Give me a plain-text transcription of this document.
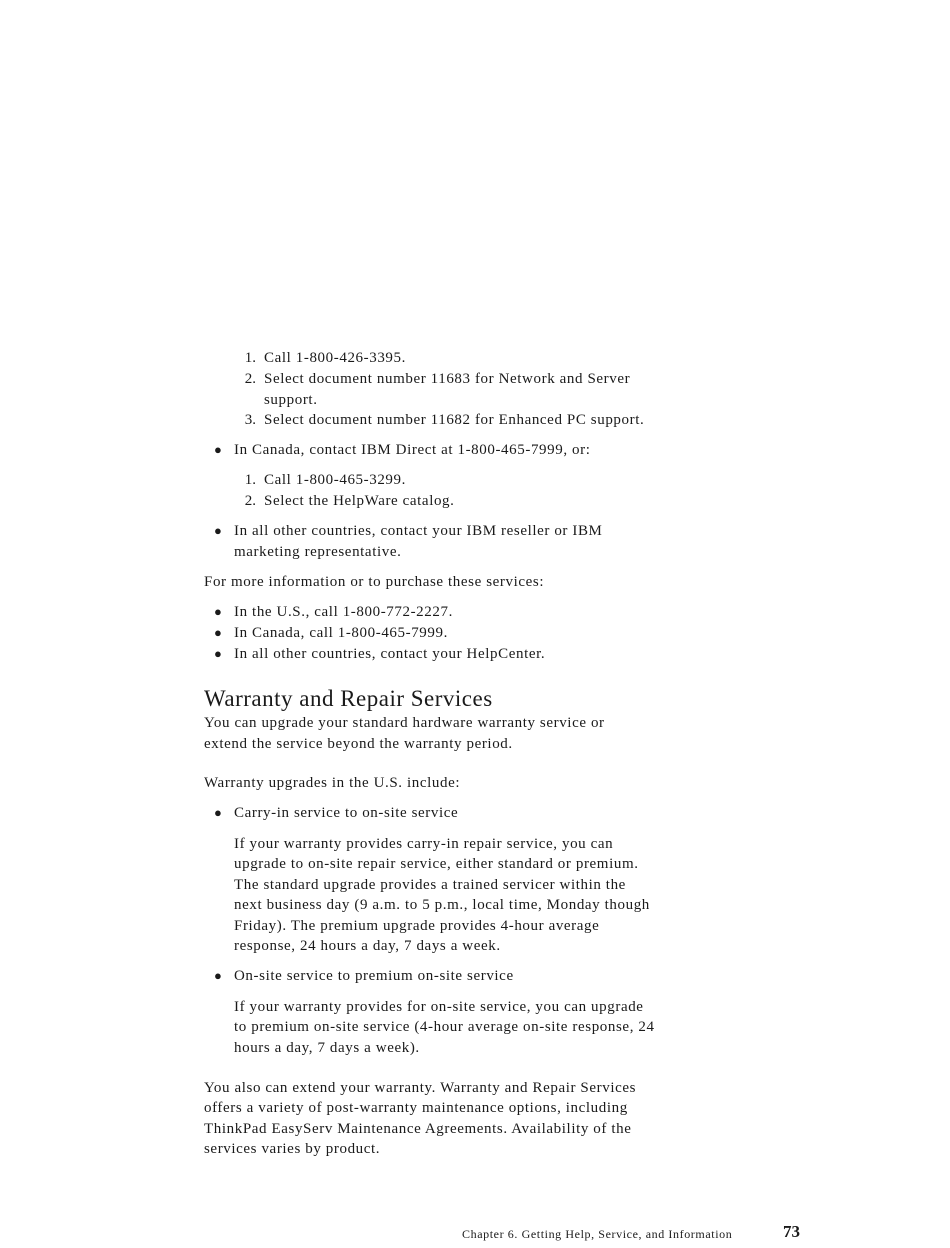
1. Call 1-800-426-3395.
2. Select document number 11683 for Network and Server
support.
3. Select document number 11682 for Enhanced PC support.
● In Canada, contact IBM Direct at 1-800-465-7999, or:
1. Call 1-800-465-3299.
2. Select the HelpWare catalog.
● In all other countries, contact your IBM reseller or IBM
marketing representative.
For more information or to purchase these services:
● In the U.S., call 1-800-772-2227.
● In Canada, call 1-800-465-7999.
● In all other countries, contact your HelpCenter.
Warranty and Repair Services
You can upgrade your standard hardware warranty service or
extend the service beyond the warranty period.
Warranty upgrades in the U.S. include:
● Carry-in service to on-site service
If your warranty provides carry-in repair service, you can
upgrade to on-site repair service, either standard or premium.
The standard upgrade provides a trained servicer within the
next business day (9 a.m. to 5 p.m., local time, Monday though
Friday). The premium upgrade provides 4-hour average
response, 24 hours a day, 7 days a week.
● On-site service to premium on-site service
If your warranty provides for on-site service, you can upgrade
to premium on-site service (4-hour average on-site response, 24
hours a day, 7 days a week).
You also can extend your warranty. Warranty and Repair Services
offers a variety of post-warranty maintenance options, including
ThinkPad EasyServ Maintenance Agreements. Availability of the
services varies by product.
Chapter 6. Getting Help, Service, and Information	73
